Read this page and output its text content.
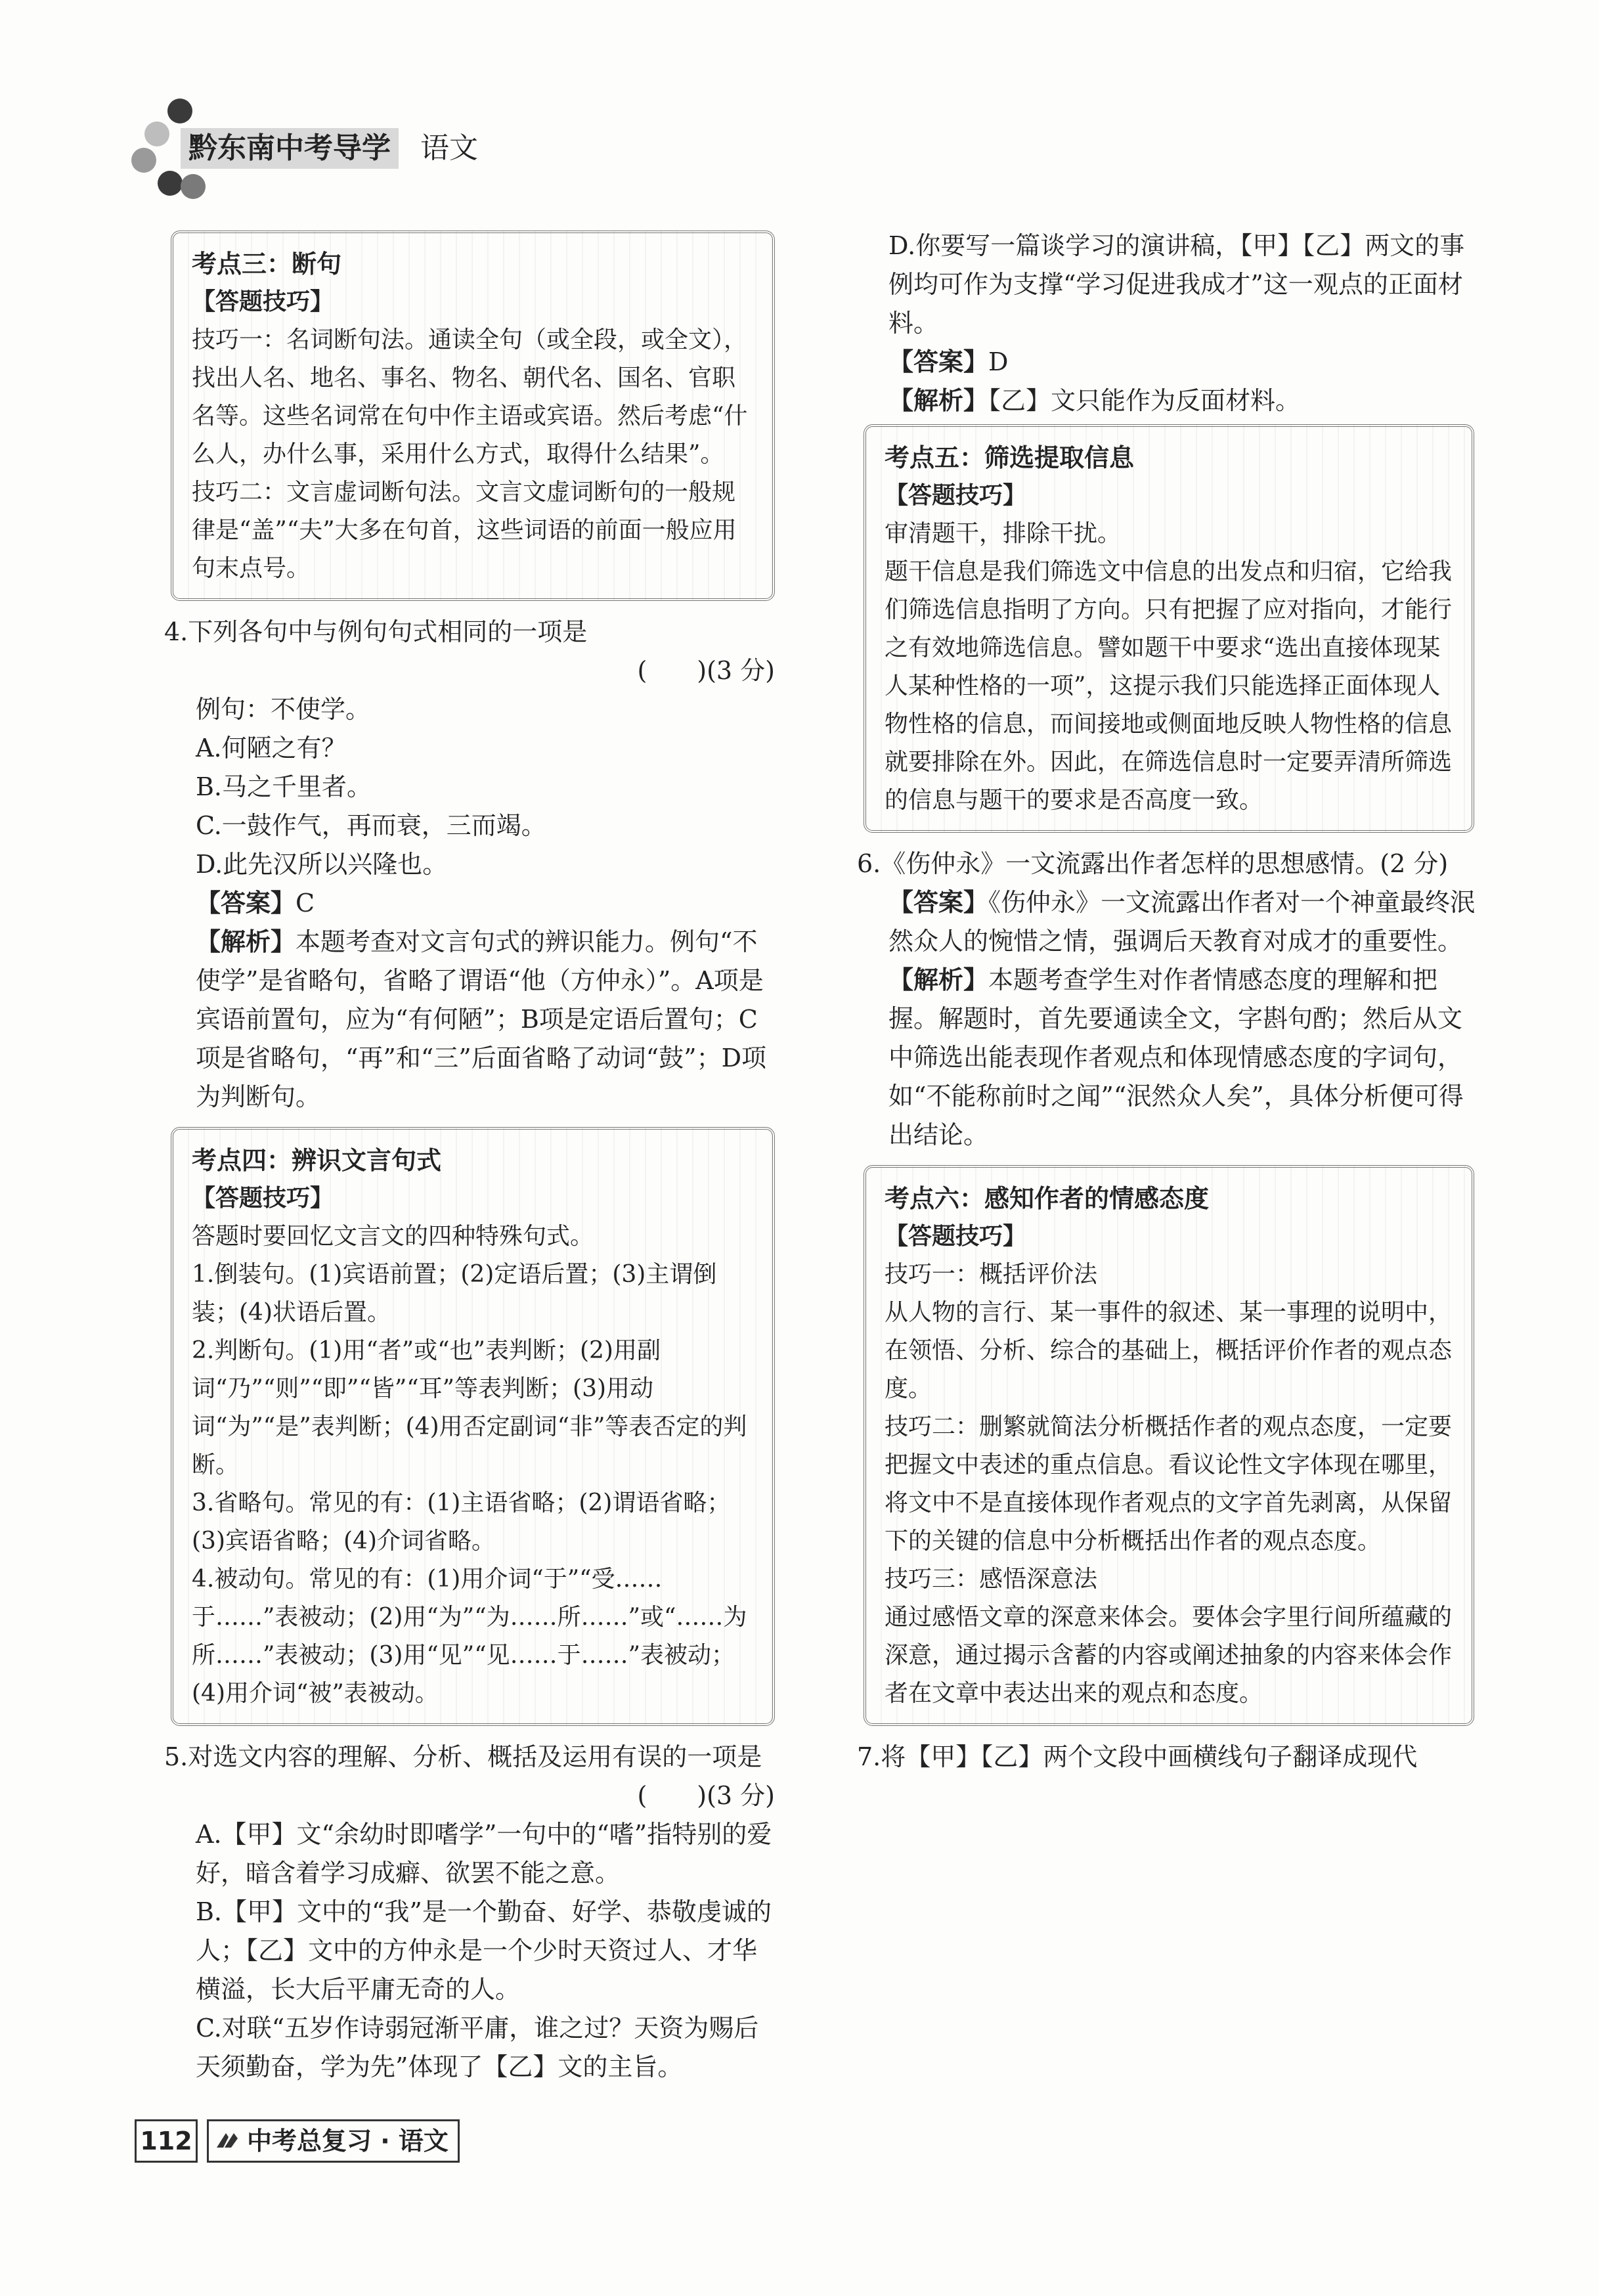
黔东南中考导学 语文
考点三：断句
【答题技巧】

技巧一：名词断句法。通读全句（或全段，或全文），找出人名、地名、事名、物名、朝代名、国名、官职名等。这些名词常在句中作主语或宾语。然后考虑“什么人，办什么事，采用什么方式，取得什么结果”。

技巧二：文言虚词断句法。文言文虚词断句的一般规律是“盖”“夫”大多在句首，这些词语的前面一般应用句末点号。

4.下列各句中与例句句式相同的一项是

(　　)(3 分)

例句：不使学。

A.何陋之有？

B.马之千里者。

C.一鼓作气，再而衰，三而竭。

D.此先汉所以兴隆也。

【答案】C

【解析】本题考查对文言句式的辨识能力。例句“不使学”是省略句，省略了谓语“他（方仲永）”。A项是宾语前置句，应为“有何陋”；B项是定语后置句；C项是省略句，“再”和“三”后面省略了动词“鼓”；D项为判断句。

考点四：辨识文言句式
【答题技巧】

答题时要回忆文言文的四种特殊句式。

1.倒装句。(1)宾语前置；(2)定语后置；(3)主谓倒装；(4)状语后置。

2.判断句。(1)用“者”或“也”表判断；(2)用副词“乃”“则”“即”“皆”“耳”等表判断；(3)用动词“为”“是”表判断；(4)用否定副词“非”等表否定的判断。

3.省略句。常见的有：(1)主语省略；(2)谓语省略；(3)宾语省略；(4)介词省略。

4.被动句。常见的有：(1)用介词“于”“受……于……”表被动；(2)用“为”“为……所……”或“……为所……”表被动；(3)用“见”“见……于……”表被动；(4)用介词“被”表被动。

5.对选文内容的理解、分析、概括及运用有误的一项是

(　　)(3 分)

A.【甲】文“余幼时即嗜学”一句中的“嗜”指特别的爱好，暗含着学习成癖、欲罢不能之意。

B.【甲】文中的“我”是一个勤奋、好学、恭敬虔诚的人；【乙】文中的方仲永是一个少时天资过人、才华横溢，长大后平庸无奇的人。

C.对联“五岁作诗弱冠渐平庸，谁之过？天资为赐后天须勤奋，学为先”体现了【乙】文的主旨。

D.你要写一篇谈学习的演讲稿，【甲】【乙】两文的事例均可作为支撑“学习促进我成才”这一观点的正面材料。

【答案】D

【解析】【乙】文只能作为反面材料。

考点五：筛选提取信息
【答题技巧】

审清题干，排除干扰。

题干信息是我们筛选文中信息的出发点和归宿，它给我们筛选信息指明了方向。只有把握了应对指向，才能行之有效地筛选信息。譬如题干中要求“选出直接体现某人某种性格的一项”，这提示我们只能选择正面体现人物性格的信息，而间接地或侧面地反映人物性格的信息就要排除在外。因此，在筛选信息时一定要弄清所筛选的信息与题干的要求是否高度一致。

6.《伤仲永》一文流露出作者怎样的思想感情。(2 分)

【答案】《伤仲永》一文流露出作者对一个神童最终泯然众人的惋惜之情，强调后天教育对成才的重要性。

【解析】本题考查学生对作者情感态度的理解和把握。解题时，首先要通读全文，字斟句酌；然后从文中筛选出能表现作者观点和体现情感态度的字词句，如“不能称前时之闻”“泯然众人矣”，具体分析便可得出结论。

考点六：感知作者的情感态度
【答题技巧】

技巧一：概括评价法

从人物的言行、某一事件的叙述、某一事理的说明中，在领悟、分析、综合的基础上，概括评价作者的观点态度。

技巧二：删繁就简法分析概括作者的观点态度，一定要把握文中表述的重点信息。看议论性文字体现在哪里，将文中不是直接体现作者观点的文字首先剥离，从保留下的关键的信息中分析概括出作者的观点态度。

技巧三：感悟深意法

通过感悟文章的深意来体会。要体会字里行间所蕴藏的深意，通过揭示含蓄的内容或阐述抽象的内容来体会作者在文章中表达出来的观点和态度。

7.将【甲】【乙】两个文段中画横线句子翻译成现代

112 中考总复习 · 语文
